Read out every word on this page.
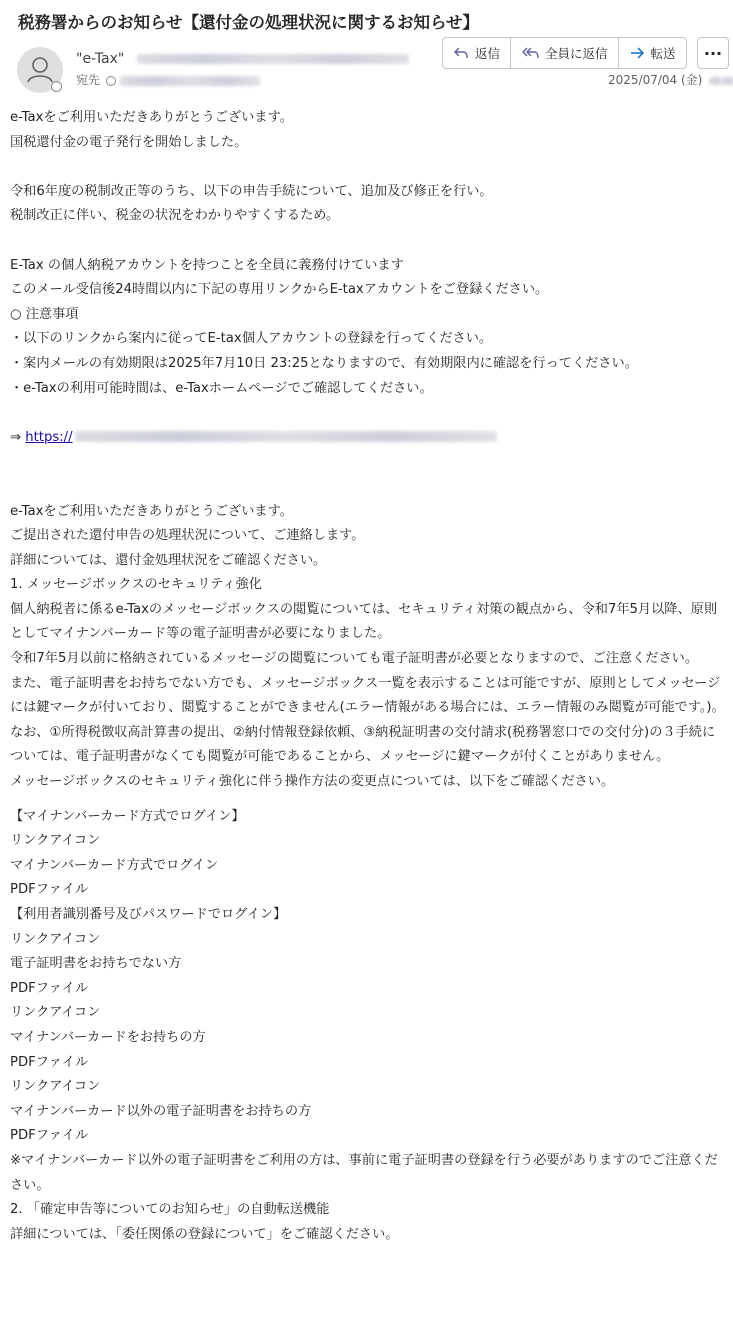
税務署からのお知らせ【還付金の処理状況に関するお知らせ】
"e-Tax"
宛先
返信	全員に返信	転送 ···
2025/07/04 (金)

e-Taxをご利用いただきありがとうございます。

国税還付金の電子発行を開始しました。

令和6年度の税制改正等のうち、以下の申告手続について、追加及び修正を行い。

税制改正に伴い、税金の状況をわかりやすくするため。

E-Tax の個人納税アカウントを持つことを全員に義務付けています

このメール受信後24時間以内に下記の専用リンクからE-taxアカウントをご登録ください。

○ 注意事項

・以下のリンクから案内に従ってE-tax個人アカウントの登録を行ってください。

・案内メールの有効期限は2025年7月10日 23:25となりますので、有効期限内に確認を行ってください。

・e-Taxの利用可能時間は、e-Taxホームページでご確認してください。

⇒ https://

e-Taxをご利用いただきありがとうございます。

ご提出された還付申告の処理状況について、ご連絡します。

詳細については、還付金処理状況をご確認ください。

1. メッセージボックスのセキュリティ強化

個人納税者に係るe-Taxのメッセージボックスの閲覧については、セキュリティ対策の観点から、令和7年5月以降、原則としてマイナンバーカード等の電子証明書が必要になりました。

令和7年5月以前に格納されているメッセージの閲覧についても電子証明書が必要となりますので、ご注意ください。

また、電子証明書をお持ちでない方でも、メッセージボックス一覧を表示することは可能ですが、原則としてメッセージには鍵マークが付いており、閲覧することができません(エラー情報がある場合には、エラー情報のみ閲覧が可能です。)。

なお、①所得税徴収高計算書の提出、②納付情報登録依頼、③納税証明書の交付請求(税務署窓口での交付分)の３手続については、電子証明書がなくても閲覧が可能であることから、メッセージに鍵マークが付くことがありません。

メッセージボックスのセキュリティ強化に伴う操作方法の変更点については、以下をご確認ください。

【マイナンバーカード方式でログイン】

リンクアイコン

マイナンバーカード方式でログイン

PDFファイル

【利用者識別番号及びパスワードでログイン】

リンクアイコン

電子証明書をお持ちでない方

PDFファイル

リンクアイコン

マイナンバーカードをお持ちの方

PDFファイル

リンクアイコン

マイナンバーカード以外の電子証明書をお持ちの方

PDFファイル

※マイナンバーカード以外の電子証明書をご利用の方は、事前に電子証明書の登録を行う必要がありますのでご注意ください。

2. 「確定申告等についてのお知らせ」の自動転送機能

詳細については、「委任関係の登録について」をご確認ください。
